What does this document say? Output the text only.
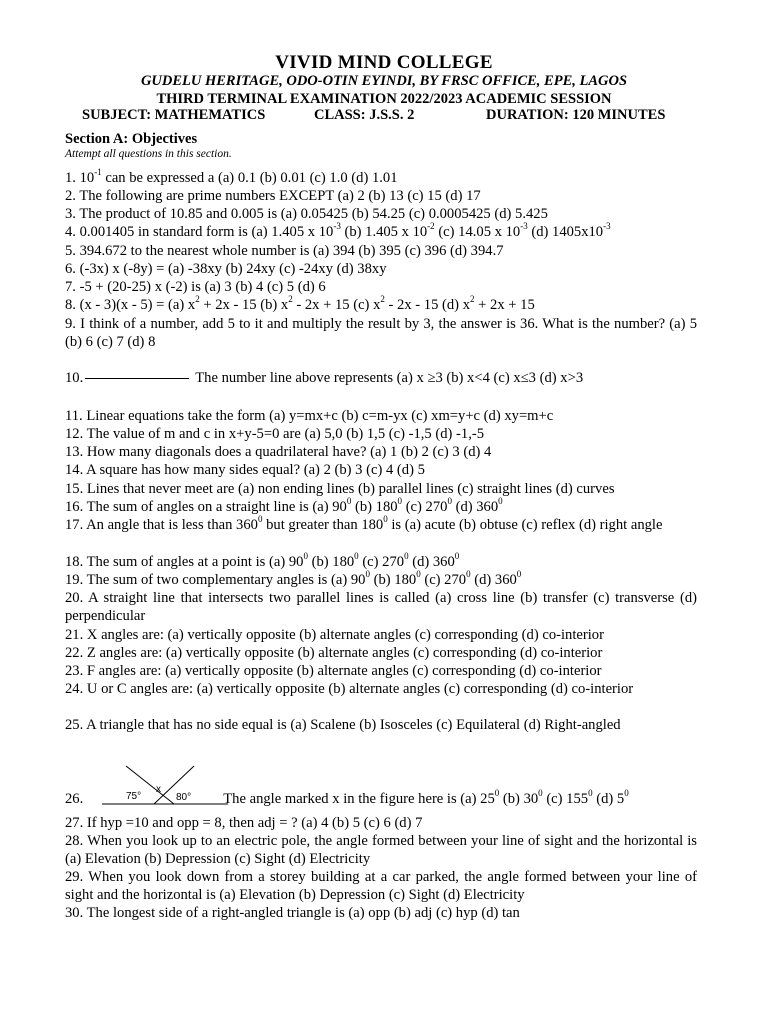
VIVID MIND COLLEGE
GUDELU HERITAGE, ODO-OTIN EYINDI, BY FRSC OFFICE, EPE, LAGOS
THIRD TERMINAL EXAMINATION 2022/2023 ACADEMIC SESSION
SUBJECT: MATHEMATICS	CLASS: J.S.S. 2	DURATION: 120 MINUTES
Section A: Objectives
Attempt all questions in this section.
1. $10^{-1}$ can be expressed a (a) 0.1 (b) 0.01 (c) 1.0 (d) 1.01
2. The following are prime numbers EXCEPT (a) 2 (b) 13 (c) 15 (d) 17
3. The product of 10.85 and 0.005 is (a) 0.05425 (b) 54.25 (c) 0.0005425 (d) 5.425
4. 0.001405 in standard form is (a) 1.405 x $10^{-3}$ (b) 1.405 x $10^{-2}$ (c) 14.05 x $10^{-3}$ (d) $1405x10^{-3}$
5. 394.672 to the nearest whole number is (a) 394 (b) 395 (c) 396 (d) 394.7
6. (-3x) x (-8y) = (a) -38xy (b) 24xy (c) -24xy (d) 38xy
7. -5 + (20-25) x (-2) is (a) 3 (b) 4 (c) 5 (d) 6
8. (x - 3)(x - 5) = (a) $x^2 + 2x - 15$ (b) $x^2 - 2x + 15$ (c) $x^2 - 2x - 15$ (d) $x^2 + 2x + 15$
9. I think of a number, add 5 to it and multiply the result by 3, the answer is 36. What is the number? (a) 5 (b) 6 (c) 7 (d) 8
10.	The number line above represents (a) x ≥3 (b) x<4 (c) x≤3 (d) x>3
11. Linear equations take the form (a) y=mx+c (b) c=m-yx (c) xm=y+c (d) xy=m+c
12. The value of m and c in x+y-5=0 are (a) 5,0 (b) 1,5 (c) -1,5 (d) -1,-5
13. How many diagonals does a quadrilateral have? (a) 1 (b) 2 (c) 3 (d) 4
14. A square has how many sides equal? (a) 2 (b) 3 (c) 4 (d) 5
15. Lines that never meet are (a) non ending lines (b) parallel lines (c) straight lines (d) curves
16. The sum of angles on a straight line is (a) $90^0$ (b) $180^0$ (c) $270^0$ (d) $360^0$
17. An angle that is less than $360^0$ but greater than $180^0$ is (a) acute (b) obtuse (c) reflex (d) right angle
18. The sum of angles at a point is (a) $90^0$ (b) $180^0$ (c) $270^0$ (d) $360^0$
19. The sum of two complementary angles is (a) $90^0$ (b) $180^0$ (c) $270^0$ (d) $360^0$
20. A straight line that intersects two parallel lines is called (a) cross line (b) transfer (c) transverse (d) perpendicular
21. X angles are: (a) vertically opposite (b) alternate angles (c) corresponding (d) co-interior
22. Z angles are: (a) vertically opposite (b) alternate angles (c) corresponding (d) co-interior
23. F angles are: (a) vertically opposite (b) alternate angles (c) corresponding (d) co-interior
24. U or C angles are: (a) vertically opposite (b) alternate angles (c) corresponding (d) co-interior
25. A triangle that has no side equal is (a) Scalene (b) Isosceles (c) Equilateral (d) Right-angled
75°
x
80°
26.	The angle marked x in the figure here is (a) $25^0$ (b) $30^0$ (c) $155^0$ (d) $5^0$
27. If hyp =10 and opp = 8, then adj = ? (a) 4 (b) 5 (c) 6 (d) 7
28. When you look up to an electric pole, the angle formed between your line of sight and the horizontal is (a) Elevation (b) Depression (c) Sight (d) Electricity
29. When you look down from a storey building at a car parked, the angle formed between your line of sight and the horizontal is (a) Elevation (b) Depression (c) Sight (d) Electricity
30. The longest side of a right-angled triangle is (a) opp (b) adj (c) hyp (d) tan
